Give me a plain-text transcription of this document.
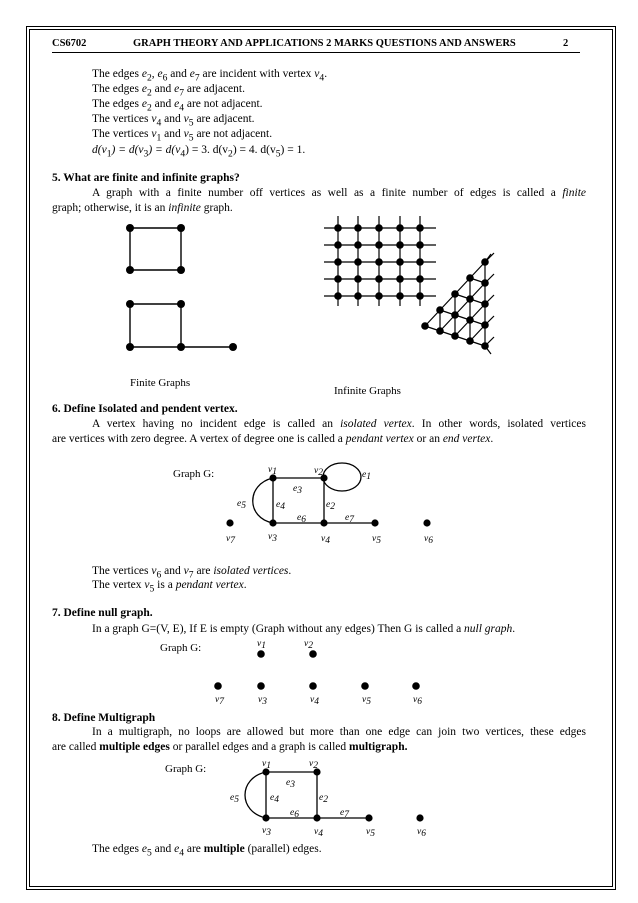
CS6702	GRAPH THEORY AND APPLICATIONS 2 MARKS QUESTIONS AND ANSWERS	2
The edges $e_2$, $e_6$ and $e_7$ are incident with vertex $v_4$.
The edges $e_2$ and $e_7$ are adjacent.
The edges $e_2$ and $e_4$ are not adjacent.
The vertices $v_4$ and $v_5$ are adjacent.
The vertices $v_1$ and $v_5$ are not adjacent.
$d(v_1) = d(v_3) = d(v_4) = 3$. $d(v_2) = 4$. $d(v_5) = 1$.
5. What are finite and infinite graphs?
A graph with a finite number off vertices as well as a finite number of edges is called a finite
graph; otherwise, it is an infinite graph.
v1	v2
v3	v4	v5	v6
v7
e1
e2
e3
e4
e5
e6	e7
v1	v2
v7	v3	v4	v5	v6
v1	v2
v3	v4	v5	v6
e2
e3
e4
e5
e6	e7
Finite Graphs
Infinite Graphs
6. Define Isolated and pendent vertex.
A vertex having no incident edge is called an isolated vertex. In other words, isolated vertices
are vertices with zero degree. A vertex of degree one is called a pendant vertex or an end vertex.
Graph G:
The vertices $v_6$ and $v_7$ are isolated vertices.
The vertex $v_5$ is a pendant vertex.
7. Define null graph.
In a graph G=(V, E), If E is empty (Graph without any edges) Then G is called a null graph.
Graph G:
8. Define Multigraph
In a multigraph, no loops are allowed but more than one edge can join two vertices, these edges
are called multiple edges or parallel edges and a graph is called multigraph.
Graph G:
The edges $e_5$ and $e_4$ are multiple (parallel) edges.
